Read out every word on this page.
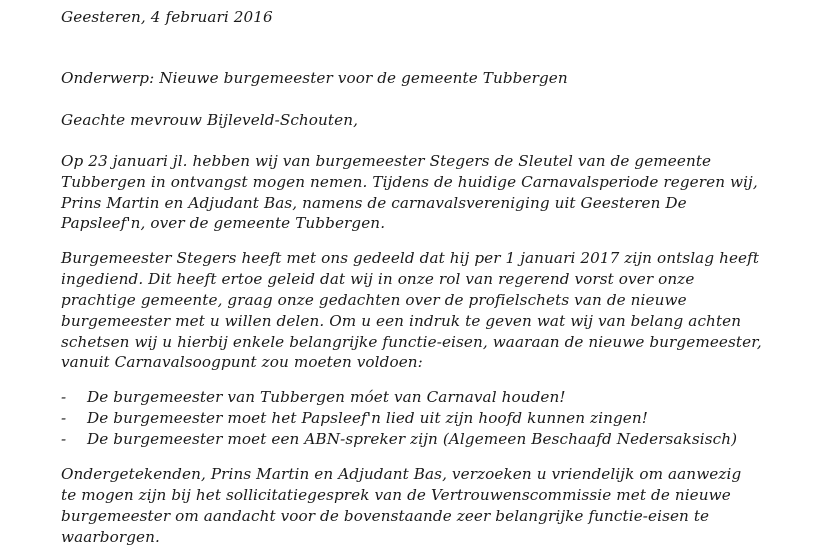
Geesteren, 4 februari 2016
Onderwerp: Nieuwe burgemeester voor de gemeente Tubbergen
Geachte mevrouw Bijleveld-Schouten,
Op 23 januari jl. hebben wij van burgemeester Stegers de Sleutel van de gemeente
Tubbergen in ontvangst mogen nemen. Tijdens de huidige Carnavalsperiode regeren wij,
Prins Martin en Adjudant Bas, namens de carnavalsvereniging uit Geesteren De
Papsleef'n, over de gemeente Tubbergen.
Burgemeester Stegers heeft met ons gedeeld dat hij per 1 januari 2017 zijn ontslag heeft
ingediend. Dit heeft ertoe geleid dat wij in onze rol van regerend vorst over onze
prachtige gemeente, graag onze gedachten over de profielschets van de nieuwe
burgemeester met u willen delen. Om u een indruk te geven wat wij van belang achten
schetsen wij u hierbij enkele belangrijke functie-eisen, waaraan de nieuwe burgemeester,
vanuit Carnavalsoogpunt zou moeten voldoen:
- De burgemeester van Tubbergen móet van Carnaval houden!
- De burgemeester moet het Papsleef'n lied uit zijn hoofd kunnen zingen!
- De burgemeester moet een ABN-spreker zijn (Algemeen Beschaafd Nedersaksisch)
Ondergetekenden, Prins Martin en Adjudant Bas, verzoeken u vriendelijk om aanwezig
te mogen zijn bij het sollicitatiegesprek van de Vertrouwenscommissie met de nieuwe
burgemeester om aandacht voor de bovenstaande zeer belangrijke functie-eisen te
waarborgen.
